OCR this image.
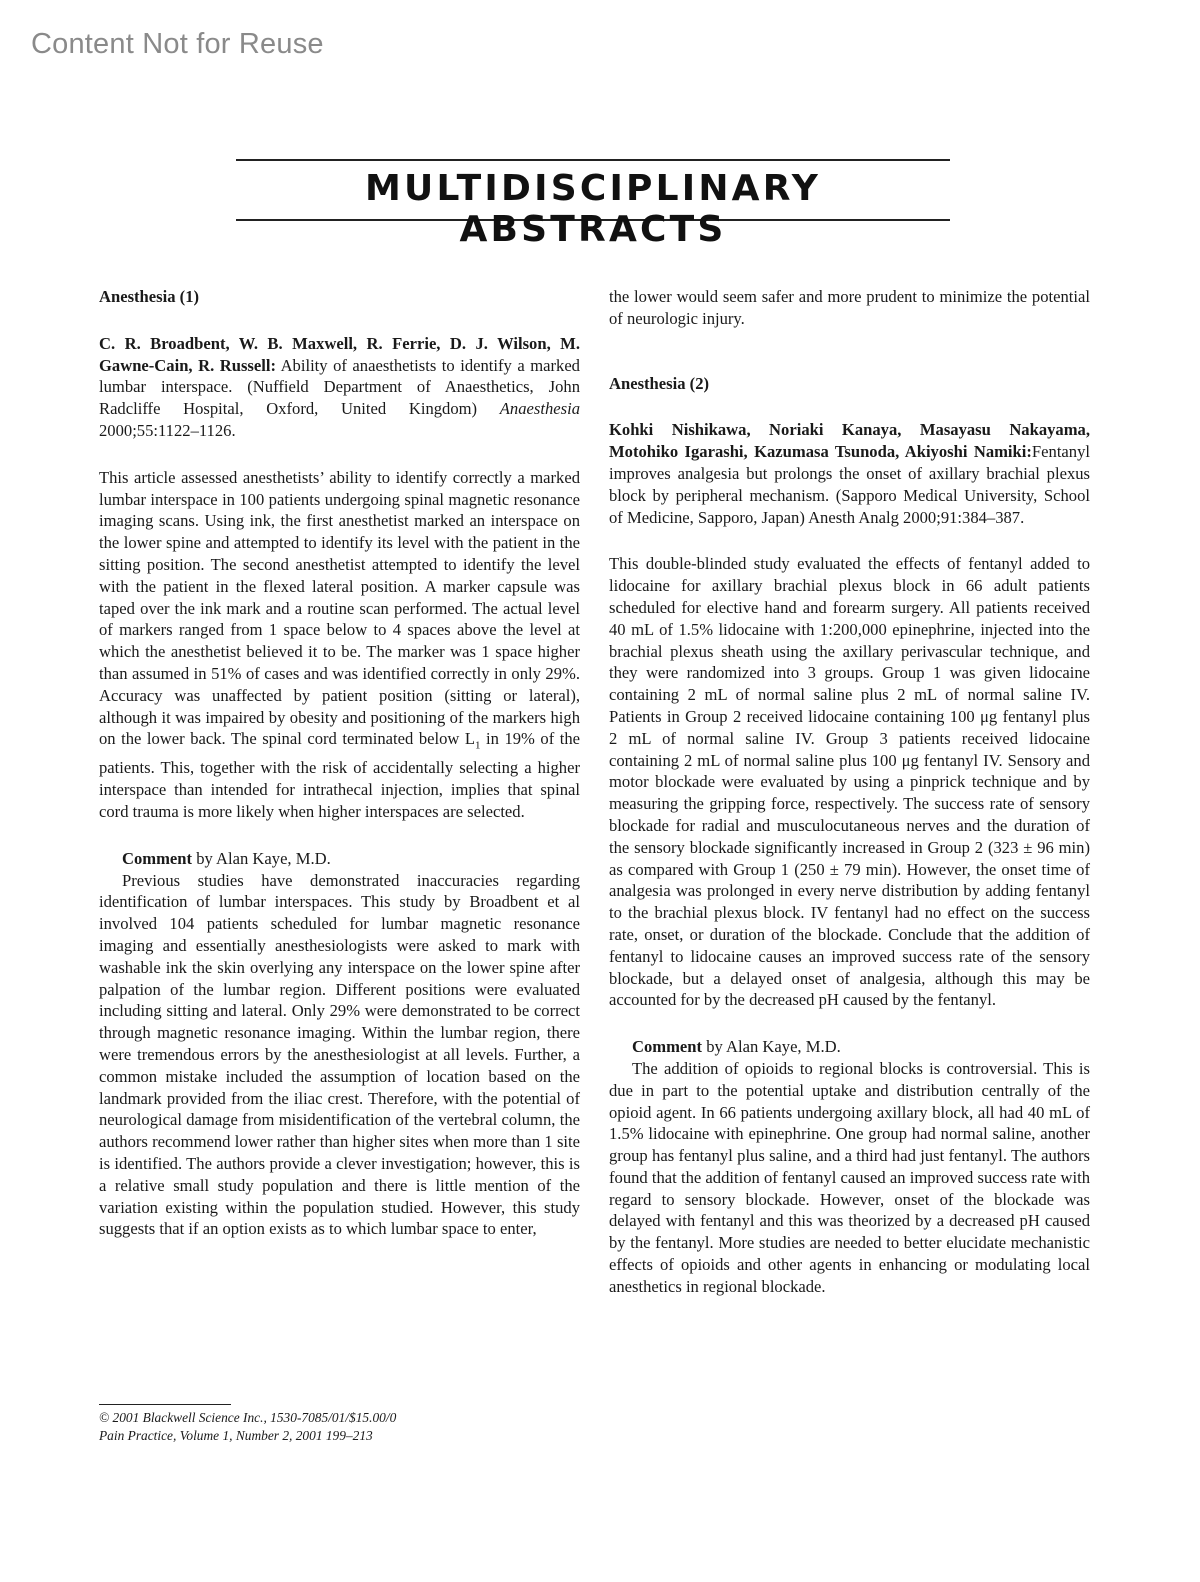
Content Not for Reuse
MULTIDISCIPLINARY ABSTRACTS

Anesthesia (1)

C. R. Broadbent, W. B. Maxwell, R. Ferrie, D. J. Wilson, M. Gawne-Cain, R. Russell: Ability of anaesthetists to identify a marked lumbar interspace. (Nuffield Department of Anaesthetics, John Radcliffe Hospital, Oxford, United Kingdom) Anaesthesia 2000;55:1122–1126.

This article assessed anesthetists’ ability to identify correctly a marked lumbar interspace in 100 patients undergoing spinal magnetic resonance imaging scans. Using ink, the first anesthetist marked an interspace on the lower spine and attempted to identify its level with the patient in the sitting position. The second anesthetist attempted to identify the level with the patient in the flexed lateral position. A marker capsule was taped over the ink mark and a routine scan performed. The actual level of markers ranged from 1 space below to 4 spaces above the level at which the anesthetist believed it to be. The marker was 1 space higher than assumed in 51% of cases and was identified correctly in only 29%. Accuracy was unaffected by patient position (sitting or lateral), although it was impaired by obesity and positioning of the markers high on the lower back. The spinal cord terminated below $L_1$ in 19% of the patients. This, together with the risk of accidentally selecting a higher interspace than intended for intrathecal injection, implies that spinal cord trauma is more likely when higher interspaces are selected.

Comment by Alan Kaye, M.D.

Previous studies have demonstrated inaccuracies regarding identification of lumbar interspaces. This study by Broadbent et al involved 104 patients scheduled for lumbar magnetic resonance imaging and essentially anesthesiologists were asked to mark with washable ink the skin overlying any interspace on the lower spine after palpation of the lumbar region. Different positions were evaluated including sitting and lateral. Only 29% were demonstrated to be correct through magnetic resonance imaging. Within the lumbar region, there were tremendous errors by the anesthesiologist at all levels. Further, a common mistake included the assumption of location based on the landmark provided from the iliac crest. Therefore, with the potential of neurological damage from misidentification of the vertebral column, the authors recommend lower rather than higher sites when more than 1 site is identified. The authors provide a clever investigation; however, this is a relative small study population and there is little mention of the variation existing within the population studied. However, this study suggests that if an option exists as to which lumbar space to enter,

the lower would seem safer and more prudent to minimize the potential of neurologic injury.

Anesthesia (2)

Kohki Nishikawa, Noriaki Kanaya, Masayasu Nakayama, Motohiko Igarashi, Kazumasa Tsunoda, Akiyoshi Namiki:Fentanyl improves analgesia but prolongs the onset of axillary brachial plexus block by peripheral mechanism. (Sapporo Medical University, School of Medicine, Sapporo, Japan) Anesth Analg 2000;91:384–387.

This double-blinded study evaluated the effects of fentanyl added to lidocaine for axillary brachial plexus block in 66 adult patients scheduled for elective hand and forearm surgery. All patients received 40 mL of 1.5% lidocaine with 1:200,000 epinephrine, injected into the brachial plexus sheath using the axillary perivascular technique, and they were randomized into 3 groups. Group 1 was given lidocaine containing 2 mL of normal saline plus 2 mL of normal saline IV. Patients in Group 2 received lidocaine containing 100 μg fentanyl plus 2 mL of normal saline IV. Group 3 patients received lidocaine containing 2 mL of normal saline plus 100 μg fentanyl IV. Sensory and motor blockade were evaluated by using a pinprick technique and by measuring the gripping force, respectively. The success rate of sensory blockade for radial and musculocutaneous nerves and the duration of the sensory blockade significantly increased in Group 2 (323 ± 96 min) as compared with Group 1 (250 ± 79 min). However, the onset time of analgesia was prolonged in every nerve distribution by adding fentanyl to the brachial plexus block. IV fentanyl had no effect on the success rate, onset, or duration of the blockade. Conclude that the addition of fentanyl to lidocaine causes an improved success rate of the sensory blockade, but a delayed onset of analgesia, although this may be accounted for by the decreased pH caused by the fentanyl.

Comment by Alan Kaye, M.D.

The addition of opioids to regional blocks is controversial. This is due in part to the potential uptake and distribution centrally of the opioid agent. In 66 patients undergoing axillary block, all had 40 mL of 1.5% lidocaine with epinephrine. One group had normal saline, another group has fentanyl plus saline, and a third had just fentanyl. The authors found that the addition of fentanyl caused an improved success rate with regard to sensory blockade. However, onset of the blockade was delayed with fentanyl and this was theorized by a decreased pH caused by the fentanyl. More studies are needed to better elucidate mechanistic effects of opioids and other agents in enhancing or modulating local anesthetics in regional blockade.

© 2001 Blackwell Science Inc., 1530-7085/01/$15.00/0
Pain Practice, Volume 1, Number 2, 2001 199–213
